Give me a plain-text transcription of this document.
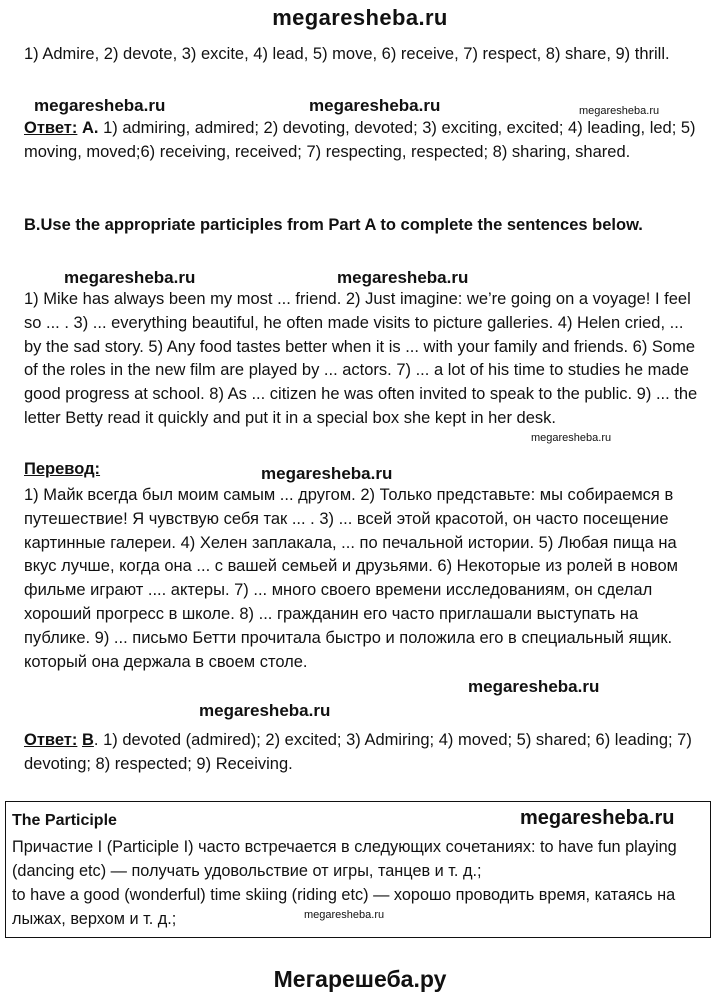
megaresheba.ru

1) Admire, 2) devote, 3) excite, 4) lead, 5) move, 6) receive, 7) respect, 8) share, 9) thrill.

megaresheba.ru	megaresheba.ru	megaresheba.ru

Ответ: A. 1) admiring, admired; 2) devoting, devoted; 3) exciting, excited; 4) leading, led; 5) moving, moved;6) receiving, received; 7) respecting, respected; 8) sharing, shared.

B.Use the appropriate participles from Part A to complete the sentences below.

megaresheba.ru	megaresheba.ru

1) Mike has always been my most ... friend. 2) Just imagine: we’re going on a voyage! I feel so ... . 3) ... everything beautiful, he often made visits to picture galleries. 4) Helen cried, ... by the sad story. 5) Any food tastes better when it is ... with your family and friends. 6) Some of the roles in the new film are played by ... actors. 7) ... a lot of his time to studies he made good progress at school. 8) As ... citizen he was often invited to speak to the public. 9) ... the letter Betty read it quickly and put it in a special box she kept in her desk.

megaresheba.ru
Перевод:	megaresheba.ru

1) Майк всегда был моим самым ... другом. 2) Только представьте: мы собираемся в путешествие! Я чувствую себя так ... . 3) ... всей этой красотой, он часто посещение картинные галереи. 4) Хелен заплакала, ... по печальной истории. 5) Любая пища на вкус лучше, когда она ... с вашей семьей и друзьями. 6) Некоторые из ролей в новом фильме играют .... актеры. 7) ... много своего времени исследованиям, он сделал хороший прогресс в школе. 8) ... гражданин его часто приглашали выступать на публике. 9) ... письмо Бетти прочитала быстро и положила его в специальный ящик. который она держала в своем столе.

megaresheba.ru
megaresheba.ru

Ответ: B. 1) devoted (admired); 2) excited; 3) Admiring; 4) moved; 5) shared; 6) leading; 7) devoting; 8) respected; 9) Receiving.

The Participle	megaresheba.ru

Причастие I (Participle I) часто встречается в следующих сочетаниях: to have fun playing (dancing etc) — получать удовольствие от игры, танцев и т. д.;
to have a good (wonderful) time skiing (riding etc) — хорошо проводить время, катаясь на лыжах, верхом и т. д.;	megaresheba.ru
Мегарешеба.ру
